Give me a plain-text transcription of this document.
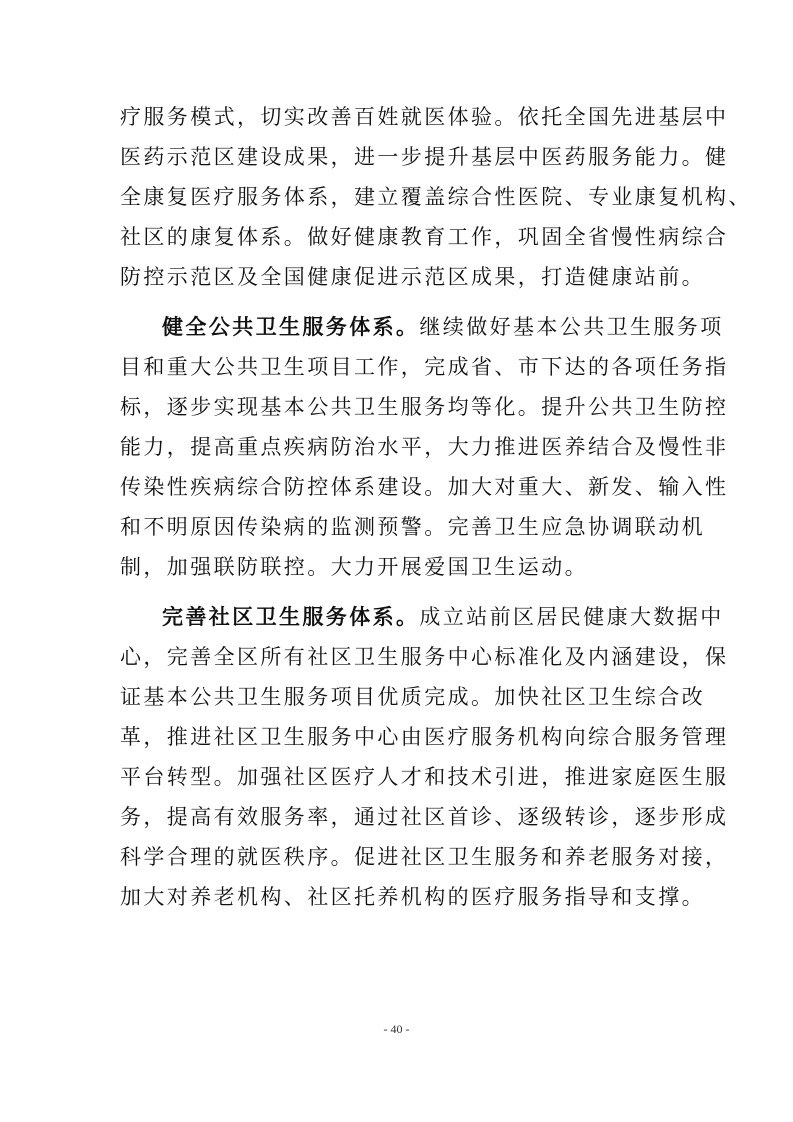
疗服务模式，切实改善百姓就医体验。依托全国先进基层中
医药示范区建设成果，进一步提升基层中医药服务能力。健
全康复医疗服务体系，建立覆盖综合性医院、专业康复机构、
社区的康复体系。做好健康教育工作，巩固全省慢性病综合
防控示范区及全国健康促进示范区成果，打造健康站前。
健全公共卫生服务体系。继续做好基本公共卫生服务项
目和重大公共卫生项目工作，完成省、市下达的各项任务指
标，逐步实现基本公共卫生服务均等化。提升公共卫生防控
能力，提高重点疾病防治水平，大力推进医养结合及慢性非
传染性疾病综合防控体系建设。加大对重大、新发、输入性
和不明原因传染病的监测预警。完善卫生应急协调联动机
制，加强联防联控。大力开展爱国卫生运动。
完善社区卫生服务体系。成立站前区居民健康大数据中
心，完善全区所有社区卫生服务中心标准化及内涵建设，保
证基本公共卫生服务项目优质完成。加快社区卫生综合改
革，推进社区卫生服务中心由医疗服务机构向综合服务管理
平台转型。加强社区医疗人才和技术引进，推进家庭医生服
务，提高有效服务率，通过社区首诊、逐级转诊，逐步形成
科学合理的就医秩序。促进社区卫生服务和养老服务对接，
加大对养老机构、社区托养机构的医疗服务指导和支撑。
- 40 -
